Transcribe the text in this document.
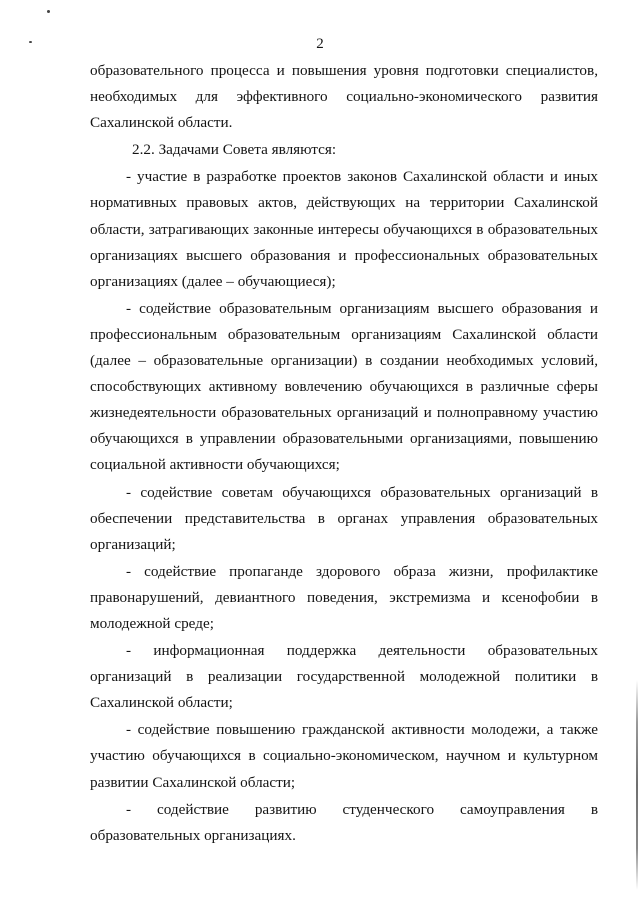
2

образовательного процесса и повышения уровня подготовки специалистов, необходимых для эффективного социально-экономического развития Сахалинской области.

2.2. Задачами Совета являются:

- участие в разработке проектов законов Сахалинской области и иных нормативных правовых актов, действующих на территории Сахалинской области, затрагивающих законные интересы обучающихся в образовательных организациях высшего образования и профессиональных образовательных организациях (далее – обучающиеся);

- содействие образовательным организациям высшего образования и профессиональным образовательным организациям Сахалинской области (далее – образовательные организации) в создании необходимых условий, способствующих активному вовлечению обучающихся в различные сферы жизнедеятельности образовательных организаций и полноправному участию обучающихся в управлении образовательными организациями, повышению социальной активности обучающихся;

- содействие советам обучающихся образовательных организаций в обеспечении представительства в органах управления образовательных организаций;

- содействие пропаганде здорового образа жизни, профилактике правонарушений, девиантного поведения, экстремизма и ксенофобии в молодежной среде;

- информационная поддержка деятельности образовательных организаций в реализации государственной молодежной политики в Сахалинской области;

- содействие повышению гражданской активности молодежи, а также участию обучающихся в социально-экономическом, научном и культурном развитии Сахалинской области;

- содействие развитию студенческого самоуправления в образовательных организациях.
